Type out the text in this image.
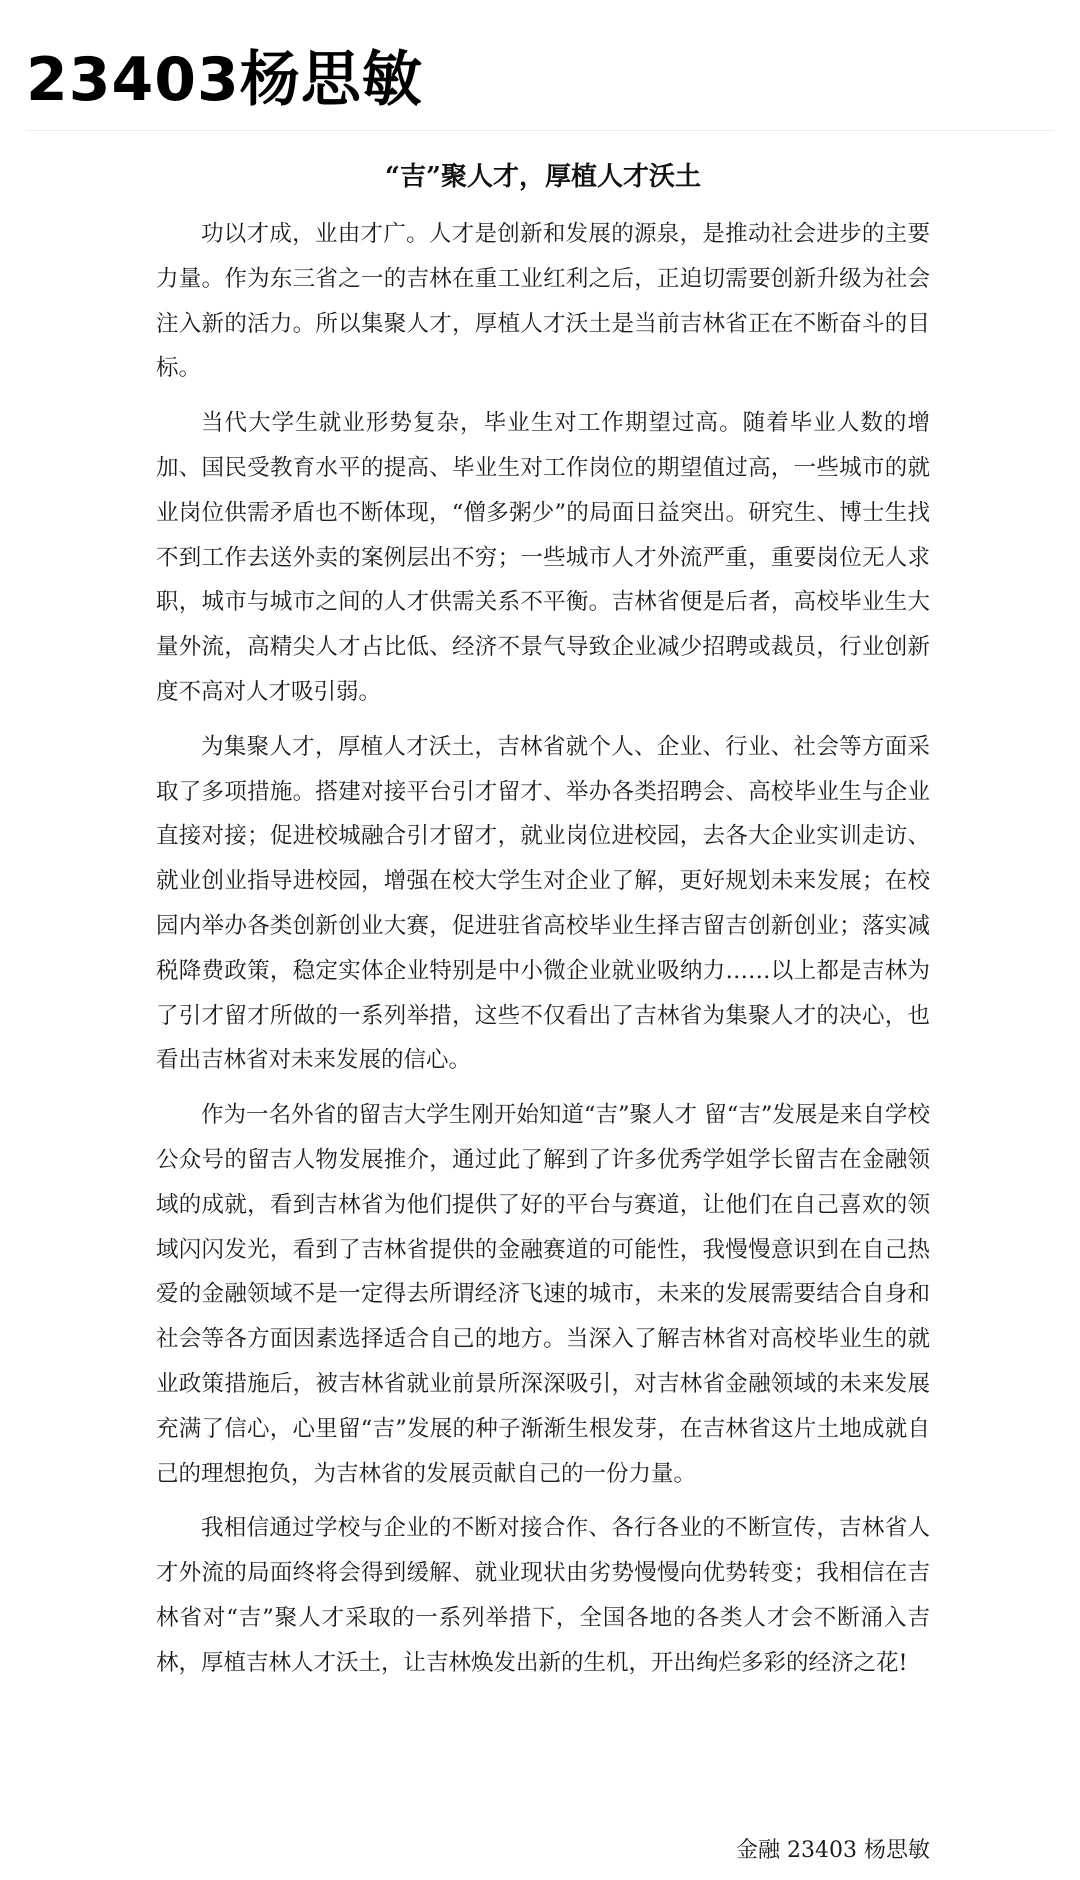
23403杨思敏
“吉”聚人才，厚植人才沃土

功以才成，业由才广。人才是创新和发展的源泉，是推动社会进步的主要力量。作为东三省之一的吉林在重工业红利之后，正迫切需要创新升级为社会注入新的活力。所以集聚人才，厚植人才沃土是当前吉林省正在不断奋斗的目标。

当代大学生就业形势复杂，毕业生对工作期望过高。随着毕业人数的增加、国民受教育水平的提高、毕业生对工作岗位的期望值过高，一些城市的就业岗位供需矛盾也不断体现，“僧多粥少”的局面日益突出。研究生、博士生找不到工作去送外卖的案例层出不穷；一些城市人才外流严重，重要岗位无人求职，城市与城市之间的人才供需关系不平衡。吉林省便是后者，高校毕业生大量外流，高精尖人才占比低、经济不景气导致企业减少招聘或裁员，行业创新度不高对人才吸引弱。

为集聚人才，厚植人才沃土，吉林省就个人、企业、行业、社会等方面采取了多项措施。搭建对接平台引才留才、举办各类招聘会、高校毕业生与企业直接对接；促进校城融合引才留才，就业岗位进校园，去各大企业实训走访、就业创业指导进校园，增强在校大学生对企业了解，更好规划未来发展；在校园内举办各类创新创业大赛，促进驻省高校毕业生择吉留吉创新创业；落实减税降费政策，稳定实体企业特别是中小微企业就业吸纳力……以上都是吉林为了引才留才所做的一系列举措，这些不仅看出了吉林省为集聚人才的决心，也看出吉林省对未来发展的信心。

作为一名外省的留吉大学生刚开始知道“吉”聚人才 留“吉”发展是来自学校公众号的留吉人物发展推介，通过此了解到了许多优秀学姐学长留吉在金融领域的成就，看到吉林省为他们提供了好的平台与赛道，让他们在自己喜欢的领域闪闪发光，看到了吉林省提供的金融赛道的可能性，我慢慢意识到在自己热爱的金融领域不是一定得去所谓经济飞速的城市，未来的发展需要结合自身和社会等各方面因素选择适合自己的地方。当深入了解吉林省对高校毕业生的就业政策措施后，被吉林省就业前景所深深吸引，对吉林省金融领域的未来发展充满了信心，心里留“吉”发展的种子渐渐生根发芽，在吉林省这片土地成就自己的理想抱负，为吉林省的发展贡献自己的一份力量。

我相信通过学校与企业的不断对接合作、各行各业的不断宣传，吉林省人才外流的局面终将会得到缓解、就业现状由劣势慢慢向优势转变；我相信在吉林省对“吉”聚人才采取的一系列举措下，全国各地的各类人才会不断涌入吉林，厚植吉林人才沃土，让吉林焕发出新的生机，开出绚烂多彩的经济之花!

金融 23403 杨思敏
